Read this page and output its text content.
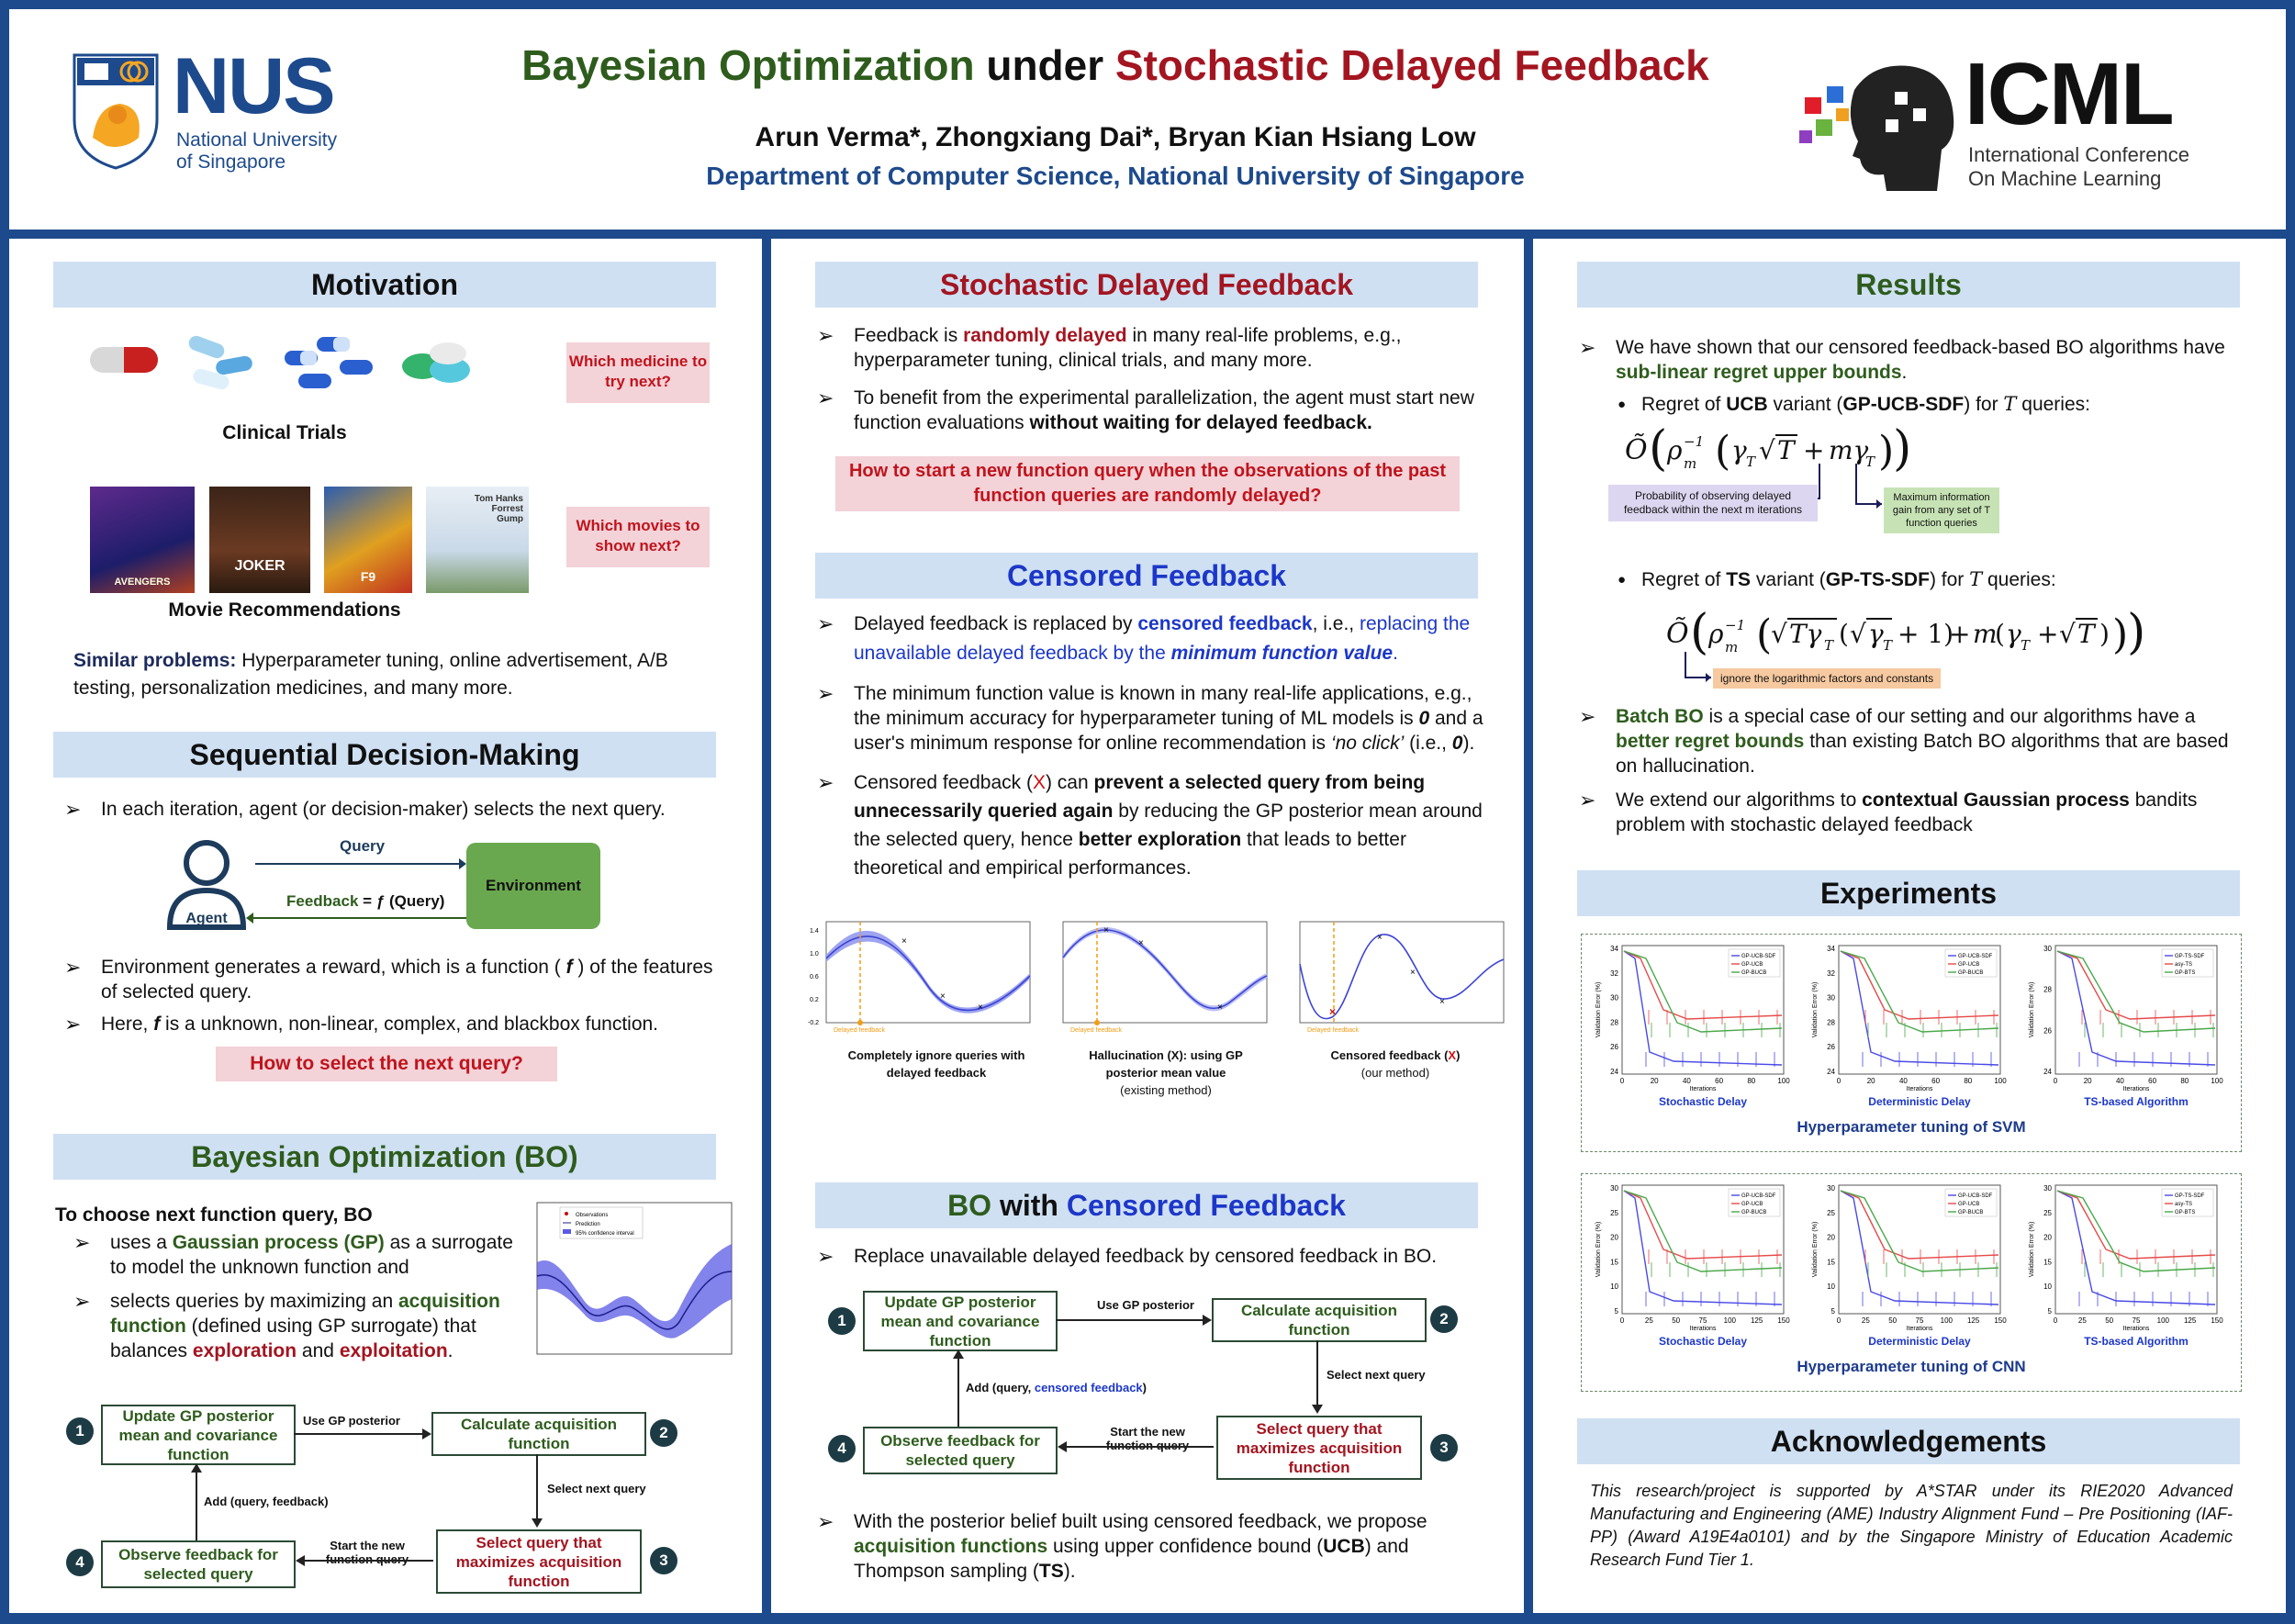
NUS
National University
of Singapore
Bayesian Optimization under Stochastic Delayed Feedback
Arun Verma*, Zhongxiang Dai*, Bryan Kian Hsiang Low
Department of Computer Science, National University of Singapore
ICML
International Conference
On Machine Learning
Motivation
Which medicine to try next?
Clinical Trials
AVENGERS
JOKER
F9
Tom Hanks Forrest Gump	Which movies to show next?
Movie Recommendations
Similar problems: Hyperparameter tuning, online advertisement, A/B testing, personalization medicines, and many more.
Sequential Decision-Making
➢ In each iteration, agent (or decision-maker) selects the next query.
Agent
Query
Environment
Feedback = ƒ (Query)
➢ Environment generates a reward, which is a function ( f ) of the features of selected query.
➢ Here, f is a unknown, non-linear, complex, and blackbox function.
How to select the next query?
Bayesian Optimization (BO)
To choose next function query, BO
➢ uses a Gaussian process (GP) as a surrogate to model the unknown function and
➢ selects queries by maximizing an acquisition function (defined using GP surrogate) that balances exploration and exploitation.
Observations
Prediction
95% confidence interval
1
Update GP posterior mean and covariance function
Use GP posterior	Calculate acquisition function
2
Select next query
Select query that maximizes acquisition function
3
Start the new function query
Observe feedback for selected query
4
Add (query, feedback)
Stochastic Delayed Feedback
➢ Feedback is randomly delayed in many real-life problems, e.g., hyperparameter tuning, clinical trials, and many more.
➢ To benefit from the experimental parallelization, the agent must start new function evaluations without waiting for delayed feedback.
How to start a new function query when the observations of the past function queries are randomly delayed?
Censored Feedback
➢ Delayed feedback is replaced by censored feedback, i.e., replacing the unavailable delayed feedback by the minimum function value.
➢ The minimum function value is known in many real-life applications, e.g., the minimum accuracy for hyperparameter tuning of ML models is 0 and a user's minimum response for online recommendation is ‘no click’ (i.e., 0).
➢ Censored feedback (X) can prevent a selected query from being unnecessarily queried again by reducing the GP posterior mean around the selected query, hence better exploration that leads to better theoretical and empirical performances.
×
×
×
Delayed feedback
1.4
1.0
0.6
0.2
-0.2
×
×
×
Delayed feedback
×
×
×
×
Delayed feedback
Completely ignore queries with delayed feedback
Hallucination (X): using GP posterior mean value
(existing method)
Censored feedback (X)
(our method)
BO with Censored Feedback
➢ Replace unavailable delayed feedback by censored feedback in BO.
1
Update GP posterior mean and covariance function
Use GP posterior	Calculate acquisition function
2
Select next query
Select query that maximizes acquisition function
3
Start the new function query
Observe feedback for selected query
4
Add (query, censored feedback)
➢ With the posterior belief built using censored feedback, we propose acquisition functions using upper confidence bound (UCB) and Thompson sampling (TS).
Results
➢ We have shown that our censored feedback-based BO algorithms have sub-linear regret upper bounds.
● Regret of UCB variant (GP-UCB-SDF) for T queries:
Õ ( ρ −1
m ( γ T √ T + mγ
T )
)
Probability of observing delayed feedback within the next m iterations
Maximum information gain from any set of T function queries
● Regret of TS variant (GP-TS-SDF) for T queries:
Õ ( ρ −1
m (
√ Tγ T ( √ γ T + 1)
+ m
( γ T + √ T ) )
)
ignore the logarithmic factors and constants
➢ Batch BO is a special case of our setting and our algorithms have a better regret bounds than existing Batch BO algorithms that are based on hallucination.
➢ We extend our algorithms to contextual Gaussian process bandits problem with stochastic delayed feedback
Experiments
34
32
30
28
26
24
0	20	40	60	80	100
Iterations
Validation Error (%)
GP-UCB-SDF
GP-UCB
GP-BUCB
Stochastic Delay
34
32
30
28
26
24
0	20	40	60	80	100
Iterations
Validation Error (%)
GP-UCB-SDF
GP-UCB
GP-BUCB
Deterministic Delay
30
28
26
24
0	20	40	60	80	100
Iterations
Validation Error (%)
GP-TS-SDF
asy-TS
GP-BTS
TS-based Algorithm
Hyperparameter tuning of SVM
30
25
20
15
10
5
0	25	50	75 100 125 150
Iterations
Validation Error (%)
GP-UCB-SDF
GP-UCB
GP-BUCB
Stochastic Delay
30
25
20
15
10
5
0	25	50	75 100 125 150
Iterations
Validation Error (%)
GP-UCB-SDF
GP-UCB
GP-BUCB
Deterministic Delay
30
25
20
15
10
5
0	25	50	75 100 125 150
Iterations
Validation Error (%)
GP-TS-SDF
asy-TS
GP-BTS
TS-based Algorithm
Hyperparameter tuning of CNN
Acknowledgements
This research/project is supported by A*STAR under its RIE2020 Advanced Manufacturing and Engineering (AME) Industry Alignment Fund – Pre Positioning (IAF-PP) (Award A19E4a0101) and by the Singapore Ministry of Education Academic Research Fund Tier 1.
